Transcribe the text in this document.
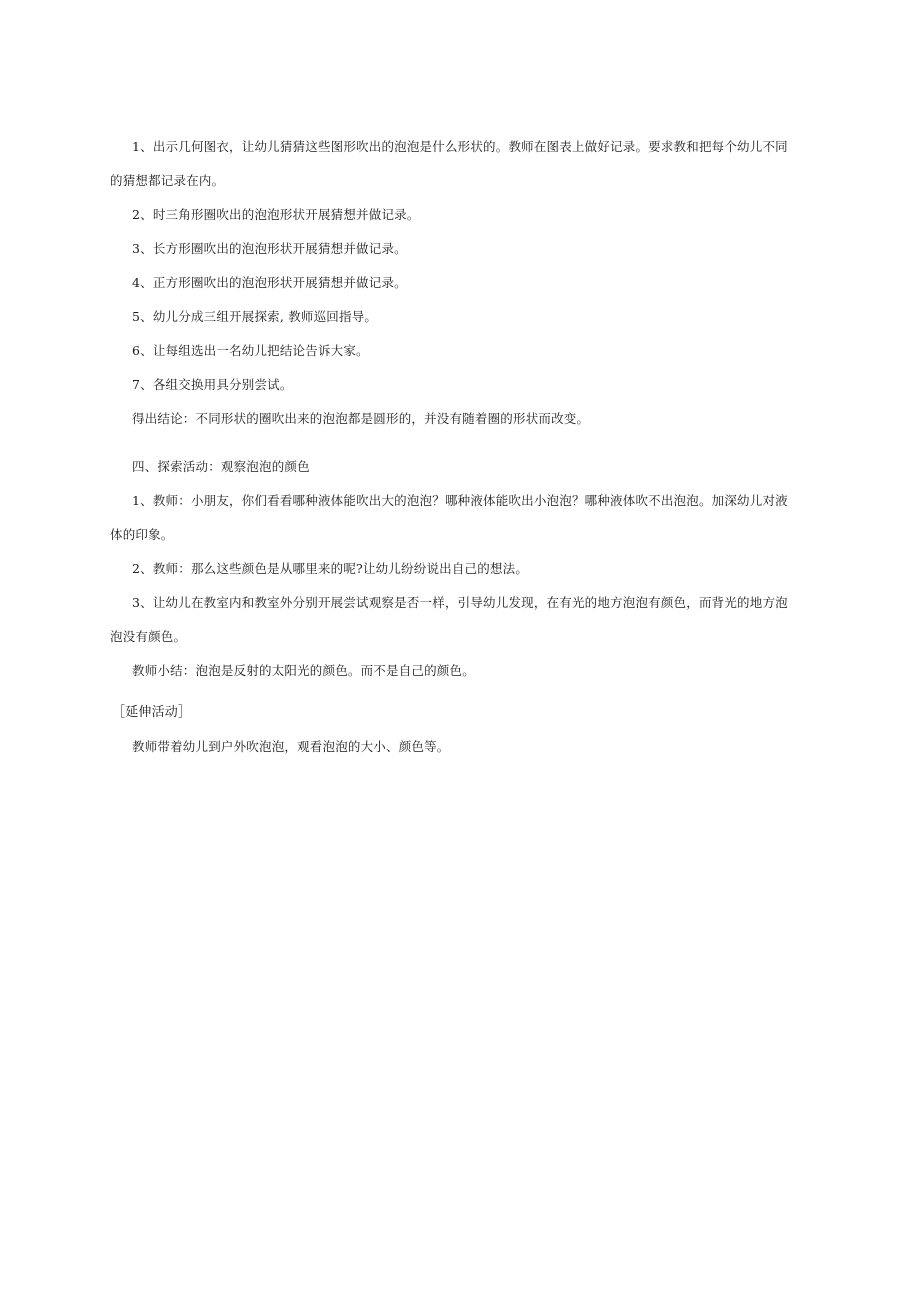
1、出示几何图衣，让幼儿猜猜这些图形吹出的泡泡是什么形状的。教师在图表上做好记录。要求教和把每个幼儿不同的猜想都记录在内。

2、时三角形圈吹出的泡泡形状开展猜想并做记录。

3、长方形圈吹出的泡泡形状开展猜想并做记录。

4、正方形圈吹出的泡泡形状开展猜想并做记录。

5、幼儿分成三组开展探索, 教师巡回指导。

6、让每组选出一名幼儿把结论告诉大家。

7、各组交换用具分别尝试。

得出结论：不同形状的圈吹出来的泡泡都是圆形的，并没有随着圈的形状而改变。

四、探索活动：观察泡泡的颜色

1、教师：小朋友，你们看看哪种液体能吹出大的泡泡？哪种液体能吹出小泡泡？哪种液体吹不出泡泡。加深幼儿对液体的印象。

2、教师：那么这些颜色是从哪里来的呢?让幼儿纷纷说出自己的想法。

3、让幼儿在教室内和教室外分别开展尝试观察是否一样，引导幼儿发现，在有光的地方泡泡有颜色，而背光的地方泡泡没有颜色。

教师小结：泡泡是反射的太阳光的颜色。而不是自己的颜色。

［延伸活动］

教师带着幼儿到户外吹泡泡，观看泡泡的大小、颜色等。
